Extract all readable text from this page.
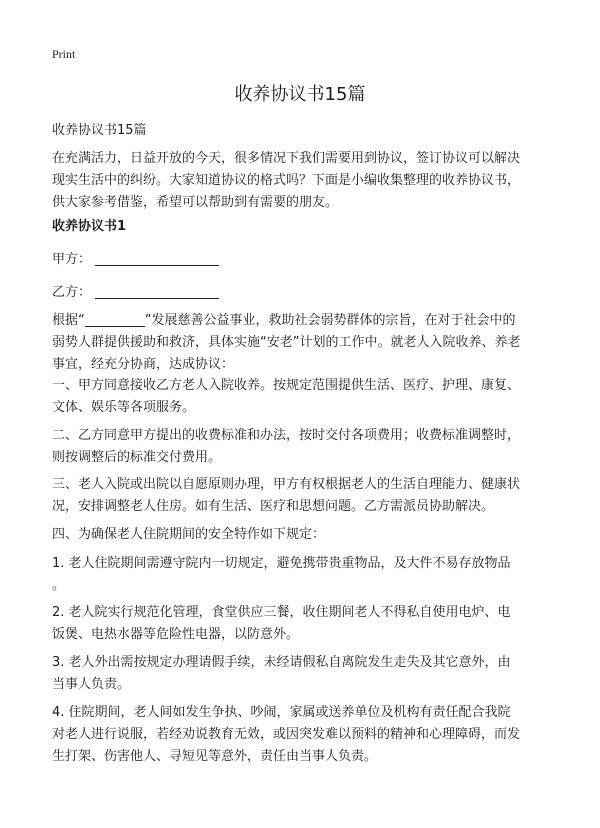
Print
收养协议书15篇

收养协议书15篇

在充满活力，日益开放的今天，很多情况下我们需要用到协议，签订协议可以解决
现实生活中的纠纷。大家知道协议的格式吗？下面是小编收集整理的收养协议书，
供大家参考借鉴，希望可以帮助到有需要的朋友。

收养协议书1

甲方：

乙方：

根据“	”发展慈善公益事业，救助社会弱势群体的宗旨，在对于社会中的
弱势人群提供援助和救济，具体实施“安老”计划的工作中。就老人入院收养、养老
事宜，经充分协商，达成协议：

一、甲方同意接收乙方老人入院收养。按规定范围提供生活、医疗、护理、康复、
文体、娱乐等各项服务。

二、乙方同意甲方提出的收费标准和办法，按时交付各项费用；收费标准调整时，
则按调整后的标准交付费用。

三、老人入院或出院以自愿原则办理，甲方有权根据老人的生活自理能力、健康状
况，安排调整老人住房。如有生活、医疗和思想问题。乙方需派员协助解决。

四、为确保老人住院期间的安全特作如下规定：

1. 老人住院期间需遵守院内一切规定，避免携带贵重物品，及大件不易存放物品
。

2. 老人院实行规范化管理，食堂供应三餐，收住期间老人不得私自使用电炉、电
饭煲、电热水器等危险性电器，以防意外。

3. 老人外出需按规定办理请假手续，未经请假私自离院发生走失及其它意外，由
当事人负责。

4. 住院期间，老人间如发生争执、吵闹，家属或送养单位及机构有责任配合我院
对老人进行说服，若经劝说教育无效，或因突发难以预料的精神和心理障碍，而发
生打架、伤害他人、寻短见等意外，责任由当事人负责。
